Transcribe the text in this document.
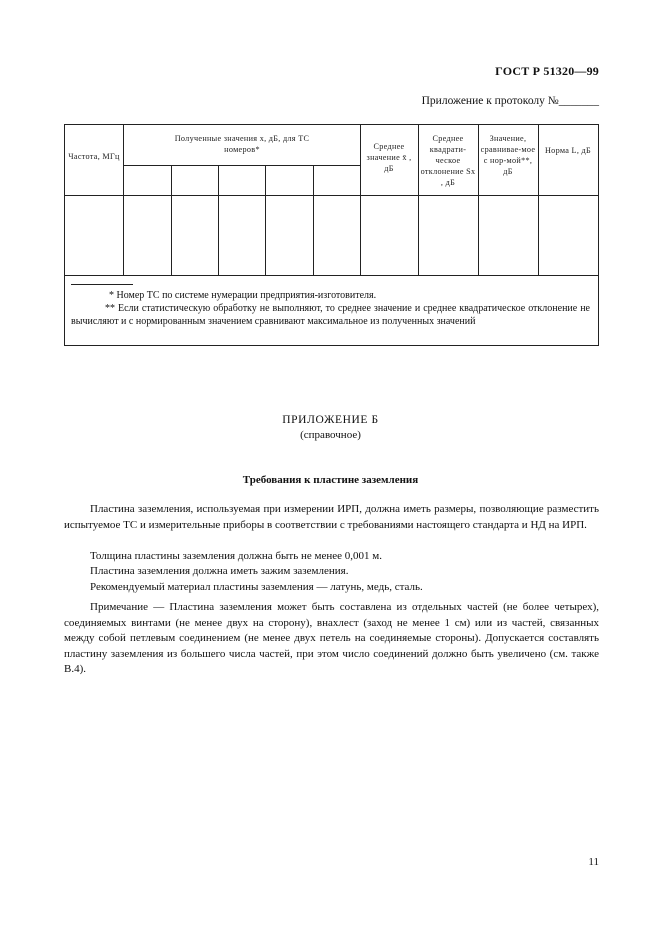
ГОСТ Р 51320—99
Приложение к протоколу №_______
Частота, МГц
Полученные значения x, дБ, для ТС номеров*	Среднее значение x̄ , дБ
Среднее квадрати-ческое отклонение Sx , дБ
Значение, сравнивае-мое с нор-мой**, дБ
Норма L, дБ
* Номер ТС по системе нумерации предприятия-изготовителя.
** Если статистическую обработку не выполняют, то среднее значение и среднее квадратическое отклонение не вычисляют и с нормированным значением сравнивают максимальное из полученных значений
ПРИЛОЖЕНИЕ Б
(справочное)
Требования к пластине заземления
Пластина заземления, используемая при измерении ИРП, должна иметь размеры, позволяющие разместить испытуемое ТС и измерительные приборы в соответствии с требованиями настоящего стандарта и НД на ИРП.
Толщина пластины заземления должна быть не менее 0,001 м.
Пластина заземления должна иметь зажим заземления.
Рекомендуемый материал пластины заземления — латунь, медь, сталь.
Примечание — Пластина заземления может быть составлена из отдельных частей (не более четырех), соединяемых винтами (не менее двух на сторону), внахлест (заход не менее 1 см) или из частей, связанных между собой петлевым соединением (не менее двух петель на соединяемые стороны). Допускается составлять пластину заземления из большего числа частей, при этом число соединений должно быть увеличено (см. также В.4).
11
